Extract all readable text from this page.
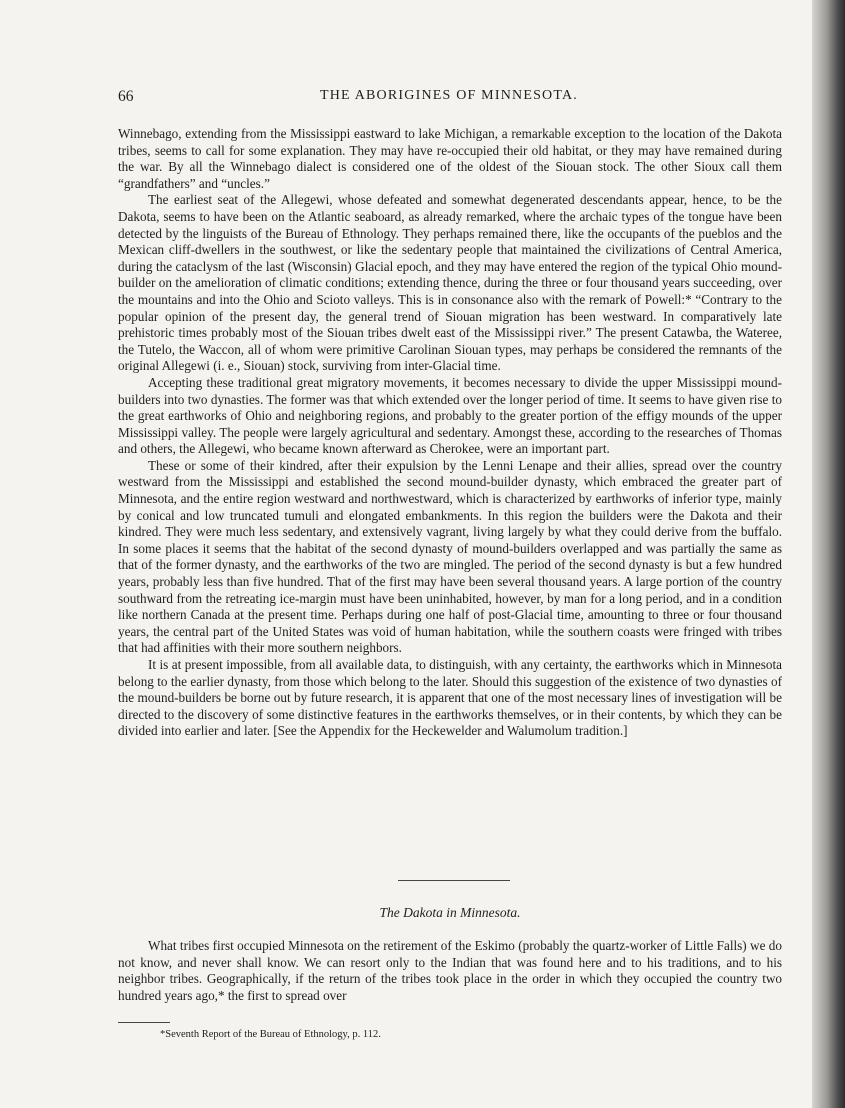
66	THE ABORIGINES OF MINNESOTA.

Winnebago, extending from the Mississippi eastward to lake Michigan, a remarkable exception to the location of the Dakota tribes, seems to call for some explanation. They may have re-occupied their old habitat, or they may have remained during the war. By all the Winnebago dialect is considered one of the oldest of the Siouan stock. The other Sioux call them “grandfathers” and “uncles.”

The earliest seat of the Allegewi, whose defeated and somewhat degenerated descendants appear, hence, to be the Dakota, seems to have been on the Atlantic seaboard, as already remarked, where the archaic types of the tongue have been detected by the linguists of the Bureau of Ethnology. They perhaps remained there, like the occupants of the pueblos and the Mexican cliff-dwellers in the southwest, or like the sedentary people that maintained the civilizations of Central America, during the cataclysm of the last (Wisconsin) Glacial epoch, and they may have entered the region of the typical Ohio mound-builder on the amelioration of climatic conditions; extending thence, during the three or four thousand years succeeding, over the mountains and into the Ohio and Scioto valleys. This is in consonance also with the remark of Powell:* “Contrary to the popular opinion of the present day, the general trend of Siouan migration has been westward. In comparatively late prehistoric times probably most of the Siouan tribes dwelt east of the Mississippi river.” The present Catawba, the Wateree, the Tutelo, the Waccon, all of whom were primitive Carolinan Siouan types, may perhaps be considered the remnants of the original Allegewi (i. e., Siouan) stock, surviving from inter-Glacial time.

Accepting these traditional great migratory movements, it becomes necessary to divide the upper Mississippi mound-builders into two dynasties. The former was that which extended over the longer period of time. It seems to have given rise to the great earthworks of Ohio and neighboring regions, and probably to the greater portion of the effigy mounds of the upper Mississippi valley. The people were largely agricultural and sedentary. Amongst these, according to the researches of Thomas and others, the Allegewi, who became known afterward as Cherokee, were an important part.

These or some of their kindred, after their expulsion by the Lenni Lenape and their allies, spread over the country westward from the Mississippi and established the second mound-builder dynasty, which embraced the greater part of Minnesota, and the entire region westward and northwestward, which is characterized by earthworks of inferior type, mainly by conical and low truncated tumuli and elongated embankments. In this region the builders were the Dakota and their kindred. They were much less sedentary, and extensively vagrant, living largely by what they could derive from the buffalo. In some places it seems that the habitat of the second dynasty of mound-builders overlapped and was partially the same as that of the former dynasty, and the earthworks of the two are mingled. The period of the second dynasty is but a few hundred years, probably less than five hundred. That of the first may have been several thousand years. A large portion of the country southward from the retreating ice-margin must have been uninhabited, however, by man for a long period, and in a condition like northern Canada at the present time. Perhaps during one half of post-Glacial time, amounting to three or four thousand years, the central part of the United States was void of human habitation, while the southern coasts were fringed with tribes that had affinities with their more southern neighbors.

It is at present impossible, from all available data, to distinguish, with any certainty, the earthworks which in Minnesota belong to the earlier dynasty, from those which belong to the later. Should this suggestion of the existence of two dynasties of the mound-builders be borne out by future research, it is apparent that one of the most necessary lines of investigation will be directed to the discovery of some distinctive features in the earthworks themselves, or in their contents, by which they can be divided into earlier and later. [See the Appendix for the Heckewelder and Walumolum tradition.]

The Dakota in Minnesota.

What tribes first occupied Minnesota on the retirement of the Eskimo (probably the quartz-worker of Little Falls) we do not know, and never shall know. We can resort only to the Indian that was found here and to his traditions, and to his neighbor tribes. Geographically, if the return of the tribes took place in the order in which they occupied the country two hundred years ago,* the first to spread over

*Seventh Report of the Bureau of Ethnology, p. 112.
